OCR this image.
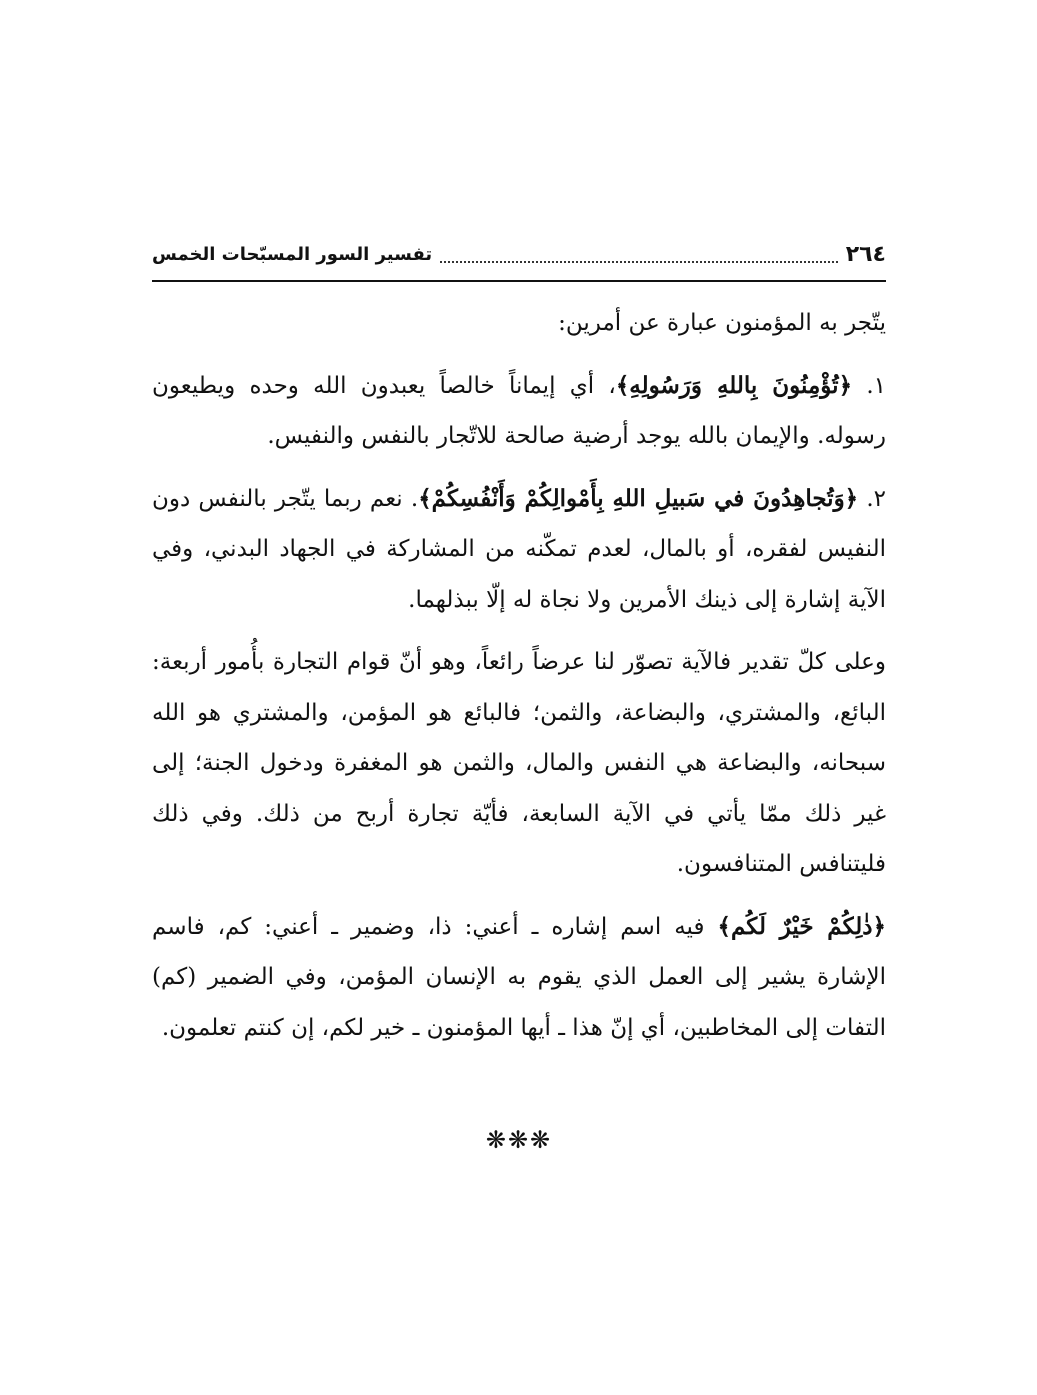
٢٦٤
تفسير السور المسبّحات الخمس

يتّجر به المؤمنون عبارة عن أمرين:

١. ﴿تُؤْمِنُونَ بِاللهِ وَرَسُولِهِ﴾، أي إيماناً خالصاً يعبدون الله وحده ويطيعون رسوله. والإيمان بالله يوجد أرضية صالحة للاتّجار بالنفس والنفيس.

٢. ﴿وَتُجاهِدُونَ في سَبيلِ اللهِ بِأَمْوالِكُمْ وَأَنْفُسِكُمْ﴾. نعم ربما يتّجر بالنفس دون النفيس لفقره، أو بالمال، لعدم تمكّنه من المشاركة في الجهاد البدني، وفي الآية إشارة إلى ذينك الأمرين ولا نجاة له إلّا ببذلهما.

وعلى كلّ تقدير فالآية تصوّر لنا عرضاً رائعاً، وهو أنّ قوام التجارة بأُمور أربعة: البائع، والمشتري، والبضاعة، والثمن؛ فالبائع هو المؤمن، والمشتري هو الله سبحانه، والبضاعة هي النفس والمال، والثمن هو المغفرة ودخول الجنة؛ إلى غير ذلك ممّا يأتي في الآية السابعة، فأيّة تجارة أربح من ذلك. وفي ذلك فليتنافس المتنافسون.

﴿ذٰلِكُمْ خَيْرٌ لَكُم﴾ فيه اسم إشاره ـ أعني: ذا، وضمير ـ أعني: كم، فاسم الإشارة يشير إلى العمل الذي يقوم به الإنسان المؤمن، وفي الضمير (كم) التفات إلى المخاطبين، أي إنّ هذا ـ أيها المؤمنون ـ خير لكم، إن كنتم تعلمون.

❋❋❋
